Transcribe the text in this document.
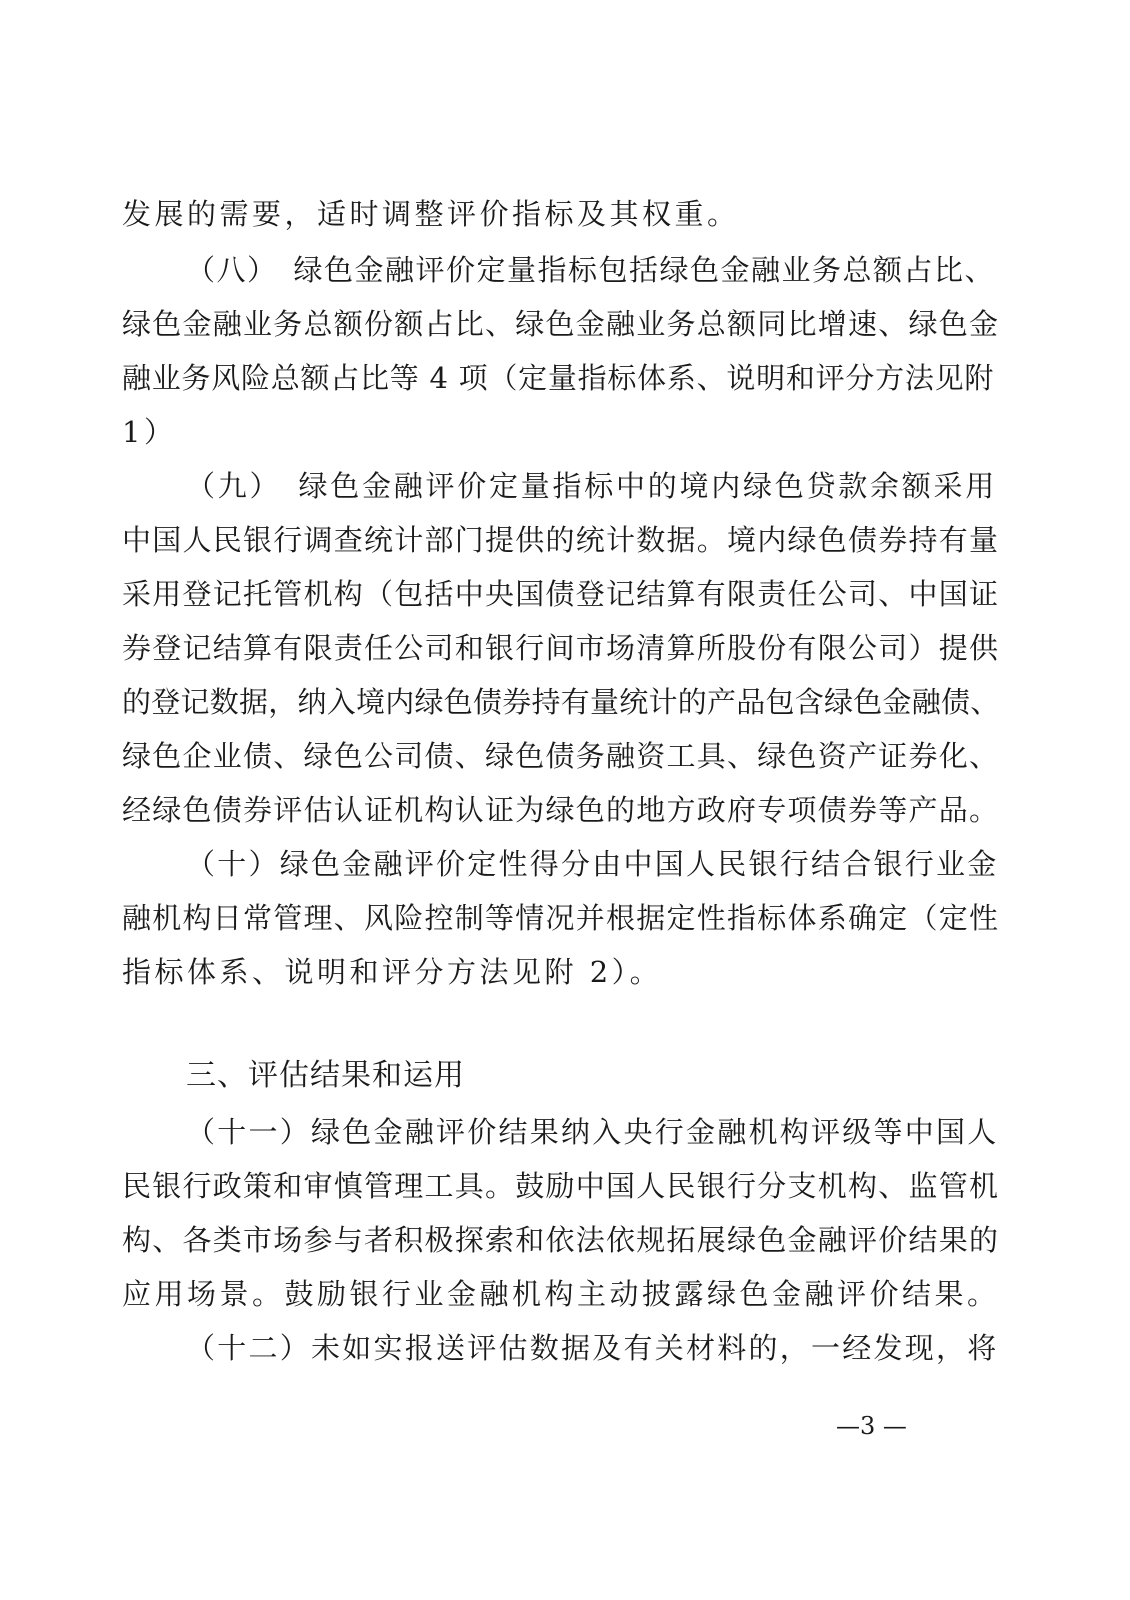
发展的需要，适时调整评价指标及其权重。
（八）　绿色金融评价定量指标包括绿色金融业务总额占比、
绿色金融业务总额份额占比、绿色金融业务总额同比增速、绿色金
融业务风险总额占比等 4 项（定量指标体系、说明和评分方法见附
1）
（九）　绿色金融评价定量指标中的境内绿色贷款余额采用
中国人民银行调查统计部门提供的统计数据。境内绿色债券持有量
采用登记托管机构（包括中央国债登记结算有限责任公司、中国证
券登记结算有限责任公司和银行间市场清算所股份有限公司）提供
的登记数据，纳入境内绿色债券持有量统计的产品包含绿色金融债、
绿色企业债、绿色公司债、绿色债务融资工具、绿色资产证券化、
经绿色债券评估认证机构认证为绿色的地方政府专项债券等产品。
（十）绿色金融评价定性得分由中国人民银行结合银行业金
融机构日常管理、风险控制等情况并根据定性指标体系确定（定性
指标体系、说明和评分方法见附 2）。
三、评估结果和运用
（十一）绿色金融评价结果纳入央行金融机构评级等中国人
民银行政策和审慎管理工具。鼓励中国人民银行分支机构、监管机
构、各类市场参与者积极探索和依法依规拓展绿色金融评价结果的
应用场景。鼓励银行业金融机构主动披露绿色金融评价结果。
（十二）未如实报送评估数据及有关材料的，一经发现，将
—3 —
